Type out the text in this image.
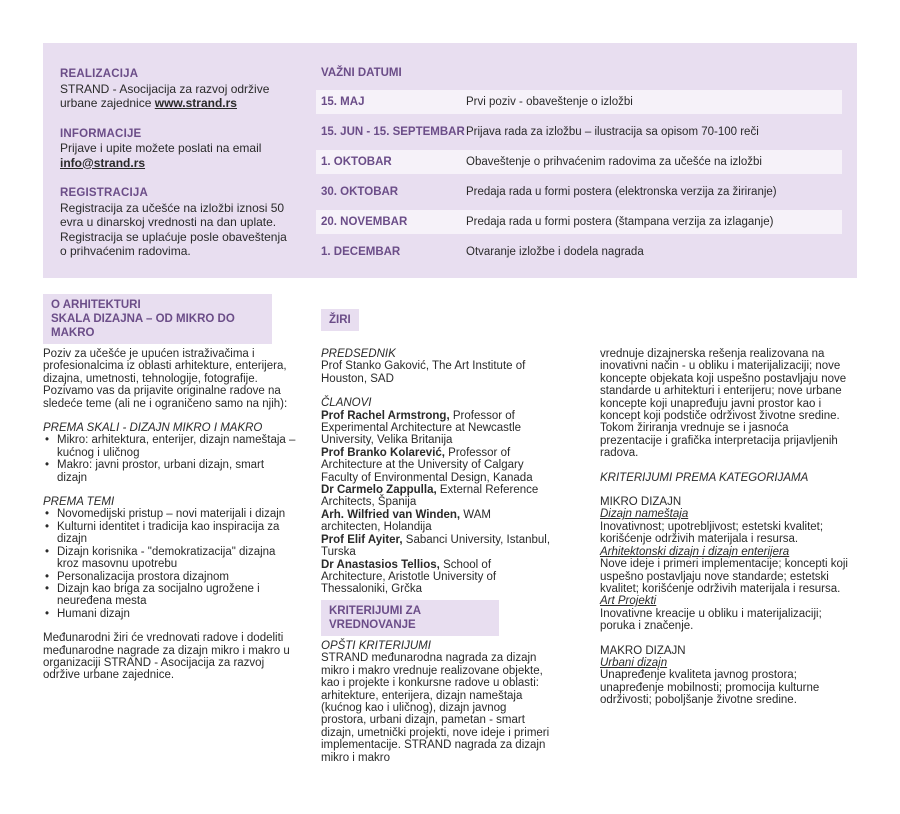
REALIZACIJA
STRAND - Asocijacija za razvoj održive urbane zajednice www.strand.rs
INFORMACIJE
Prijave i upite možete poslati na email info@strand.rs
REGISTRACIJA
Registracija za učešće na izložbi iznosi 50 evra u dinarskoj vrednosti na dan uplate. Registracija se uplaćuje posle obaveštenja o prihvaćenim radovima.
VAŽNI DATUMI
15. MAJ	Prvi poziv - obaveštenje o izložbi
15. JUN - 15. SEPTEMBAR Prijava rada za izložbu – ilustracija sa opisom 70-100 reči
1. OKTOBAR	Obaveštenje o prihvaćenim radovima za učešće na izložbi
30. OKTOBAR	Predaja rada u formi postera (elektronska verzija za žiriranje)
20. NOVEMBAR	Predaja rada u formi postera (štampana verzija za izlaganje)
1. DECEMBAR	Otvaranje izložbe i dodela nagrada
O ARHITEKTURI
SKALA DIZAJNA – OD MIKRO DO MAKRO

Poziv za učešće je upućen istraživačima i profesionalcima iz oblasti arhitekture, enterijera, dizajna, umetnosti, tehnologije, fotografije. Pozivamo vas da prijavite originalne radove na sledeće teme (ali ne i ograničeno samo na njih):

PREMA SKALI - DIZAJN MIKRO I MAKRO

• Mikro: arhitektura, enterijer, dizajn nameštaja – kućnog i uličnog
• Makro: javni prostor, urbani dizajn, smart dizajn

PREMA TEMI

• Novomedijski pristup – novi materijali i dizajn
• Kulturni identitet i tradicija kao inspiracija za dizajn
• Dizajn korisnika - "demokratizacija" dizajna kroz masovnu upotrebu
• Personalizacija prostora dizajnom
• Dizajn kao briga za socijalno ugrožene i neuređena mesta
• Humani dizajn

Međunarodni žiri će vrednovati radove i dodeliti međunarodne nagrade za dizajn mikro i makro u organizaciji STRAND - Asocijacija za razvoj održive urbane zajednice.

ŽIRI

PREDSEDNIK

Prof Stanko Gaković, The Art Institute of Houston, SAD

ČLANOVI

Prof Rachel Armstrong, Professor of Experimental Architecture at Newcastle University, Velika Britanija

Prof Branko Kolarević, Professor of Architecture at the University of Calgary Faculty of Environmental Design, Kanada

Dr Carmelo Zappulla, External Reference Architects, Španija

Arh. Wilfried van Winden, WAM architecten, Holandija

Prof Elif Ayiter, Sabanci University, Istanbul, Turska

Dr Anastasios Tellios, School of Architecture, Aristotle University of Thessaloniki, Grčka

KRITERIJUMI ZA VREDNOVANJE

OPŠTI KRITERIJUMI

STRAND međunarodna nagrada za dizajn mikro i makro vrednuje realizovane objekte, kao i projekte i konkursne radove u oblasti: arhitekture, enterijera, dizajn nameštaja (kućnog kao i uličnog), dizajn javnog prostora, urbani dizajn, pametan - smart dizajn, umetnički projekti, nove ideje i primeri implementacije. STRAND nagrada za dizajn mikro i makro

vrednuje dizajnerska rešenja realizovana na inovativni način - u obliku i materijalizaciji; nove koncepte objekata koji uspešno postavljaju nove standarde u arhitekturi i enterijeru; nove urbane koncepte koji unapređuju javni prostor kao i koncept koji podstiče održivost životne sredine.

Tokom žiriranja vrednuje se i jasnoća prezentacije i grafička interpretacija prijavljenih radova.

KRITERIJUMI PREMA KATEGORIJAMA

MIKRO DIZAJN

Dizajn nameštaja

Inovativnost; upotrebljivost; estetski kvalitet; korišćenje održivih materijala i resursa.

Arhitektonski dizajn i dizajn enterijera

Nove ideje i primeri implementacije; koncepti koji uspešno postavljaju nove standarde; estetski kvalitet; korišćenje održivih materijala i resursa.

Art Projekti

Inovativne kreacije u obliku i materijalizaciji; poruka i značenje.

MAKRO DIZAJN

Urbani dizajn

Unapređenje kvaliteta javnog prostora; unapređenje mobilnosti; promocija kulturne održivosti; poboljšanje životne sredine.
